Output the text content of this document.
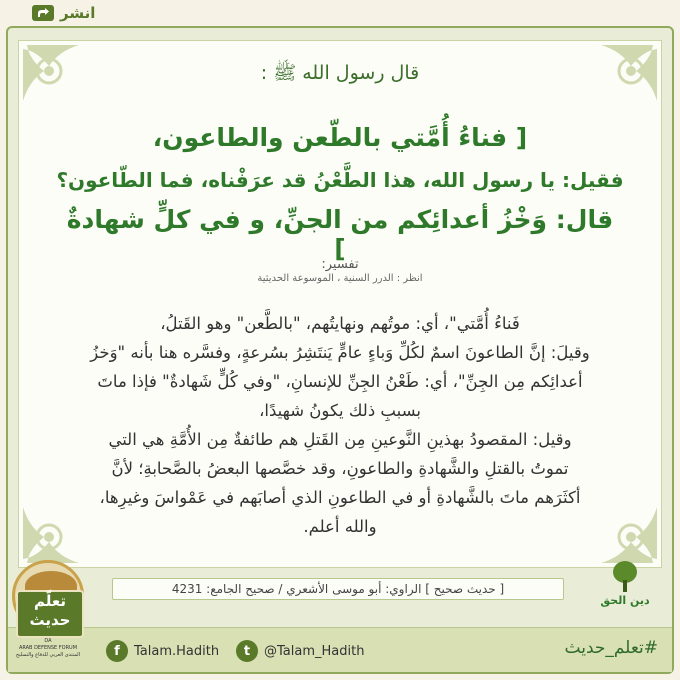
انشر
قال رسول الله ﷺ :
[ فناءُ أُمَّتي بالطّعن والطاعون،
فقيل: يا رسول الله، هذا الطَّعْنُ قد عرَفْناه، فما الطّاعون؟
قال: وَخْزُ أعدائِكم من الجنِّ، و في كلٍّ شهادةٌ ]
تفسير:
انظر : الدرر السنية ، الموسوعة الحديثية

فَناءُ أُمَّتي"، أي: موتُهم ونهايتُهم، "بالطَّعن" وهو القَتلُ،

وقيلَ: إنَّ الطاعونَ اسمٌ لكُلِّ وَباءٍ عامٍّ يَنتَشِرُ بسُرعةٍ، وفسَّره هنا بأنه "وَخزُ أعدائِكم مِن الجِنِّ"، أي: طَعْنُ الجِنِّ للإنسانِ، "وفي كُلٍّ شَهادةٌ" فإذا ماتَ بسببِ ذلك يكونُ شهيدًا،

وقيل: المقصودُ بهذينِ النَّوعينِ مِن القَتلِ هم طائفةٌ مِن الأُمَّةِ هي التي تموتُ بالقتلِ والشَّهادةِ والطاعونِ، وقد خصَّصها البعضُ بالصَّحابةِ؛ لأنَّ أكثَرَهم ماتَ بالشَّهادةِ أو في الطاعونِ الذي أصابَهم في عَمْواسَ وغيرِها، والله أعلم.

[ حديث صحيح ] الراوي: أبو موسى الأشعري / صحيح الجامع: 4231
دين الحق
f	Talam.Hadith	t	@Talam_Hadith	#تعلم_حديث
تعلّم
حديث
DA
ARAB DEFENSE FORUM
المنتدى العربي للدفاع والتسليح
